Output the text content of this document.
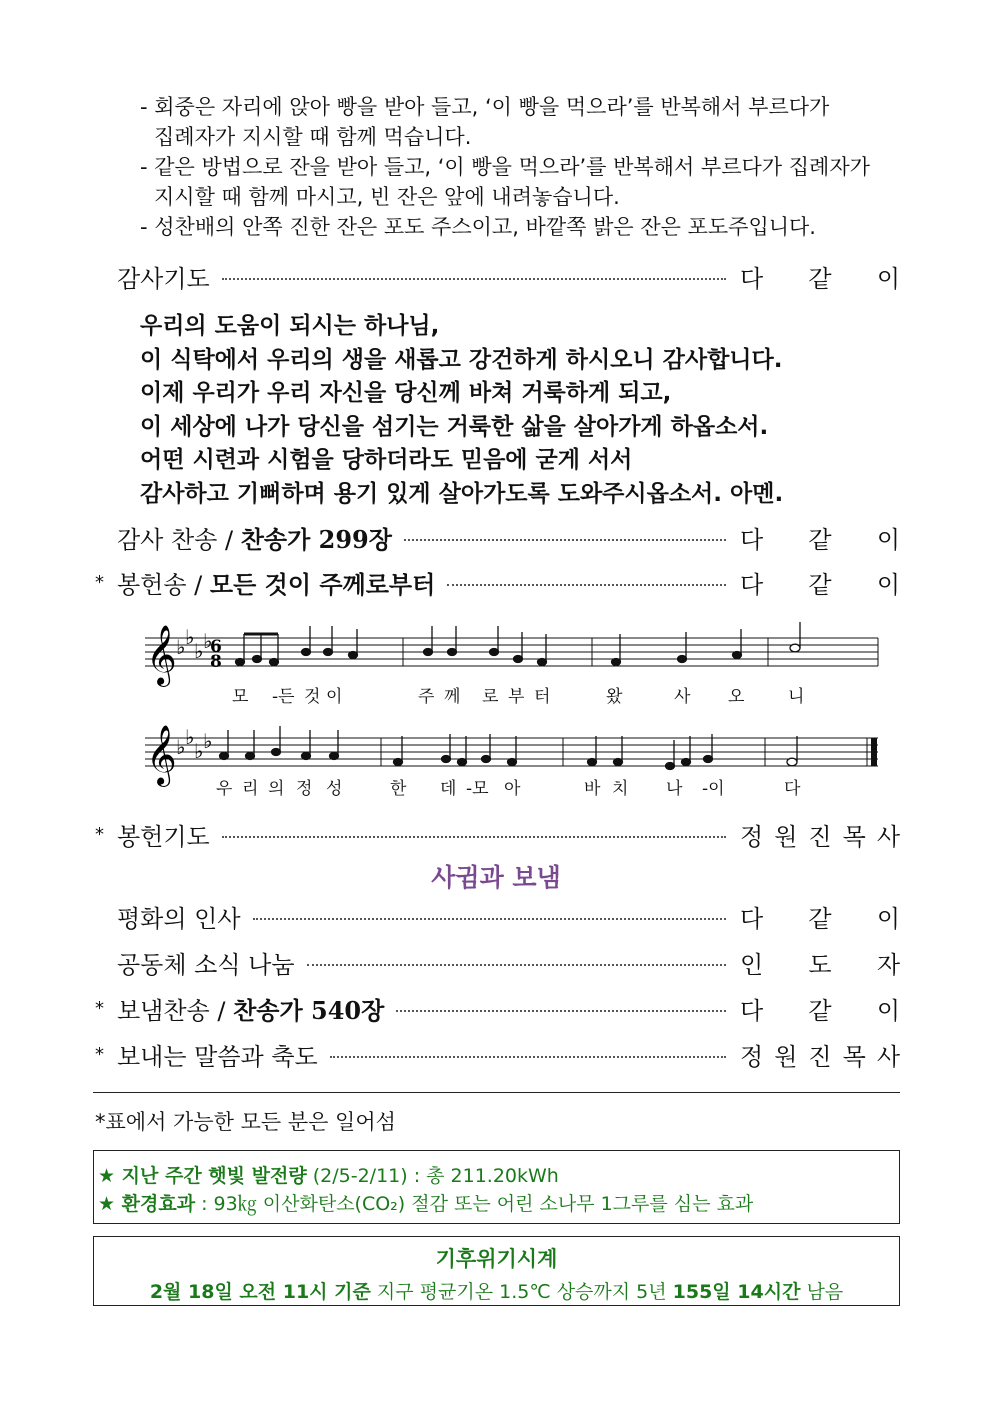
- 회중은 자리에 앉아 빵을 받아 들고, ‘이 빵을 먹으라’를 반복해서 부르다가
집례자가 지시할 때 함께 먹습니다.
- 같은 방법으로 잔을 받아 들고, ‘이 빵을 먹으라’를 반복해서 부르다가 집례자가
지시할 때 함께 마시고, 빈 잔은 앞에 내려놓습니다.
- 성찬배의 안쪽 진한 잔은 포도 주스이고, 바깥쪽 밝은 잔은 포도주입니다.
감사기도	다 같 이
우리의 도움이 되시는 하나님,
이 식탁에서 우리의 생을 새롭고 강건하게 하시오니 감사합니다.
이제 우리가 우리 자신을 당신께 바쳐 거룩하게 되고,
이 세상에 나가 당신을 섬기는 거룩한 삶을 살아가게 하옵소서.
어떤 시련과 시험을 당하더라도 믿음에 굳게 서서
감사하고 기뻐하며 용기 있게 살아가도록 도와주시옵소서. 아멘.
감사 찬송 / 찬송가 299장	다 같 이
* 봉헌송 / 모든 것이 주께로부터	다 같 이
𝄞
𝄞
♭ ♭
♭ ♭
♭ ♭
♭ ♭
6
8
모 -든 것 이	주 께 로 부 터	왔	사 오	니
우 리 의 정 성	한 데 -모 아	바 치 나 -이	다
* 봉헌기도	정 원 진 목 사
사귐과 보냄
평화의 인사	다 같 이
공동체 소식 나눔	인 도 자
* 보냄찬송 / 찬송가 540장	다 같 이
* 보내는 말씀과 축도	정 원 진 목 사
*표에서 가능한 모든 분은 일어섬
★ 지난 주간 햇빛 발전량 (2/5-2/11) : 총 211.20kWh
★ 환경효과 : 93㎏ 이산화탄소(CO₂) 절감 또는 어린 소나무 1그루를 심는 효과
기후위기시계
2월 18일 오전 11시 기준 지구 평균기온 1.5℃ 상승까지 5년 155일 14시간 남음
